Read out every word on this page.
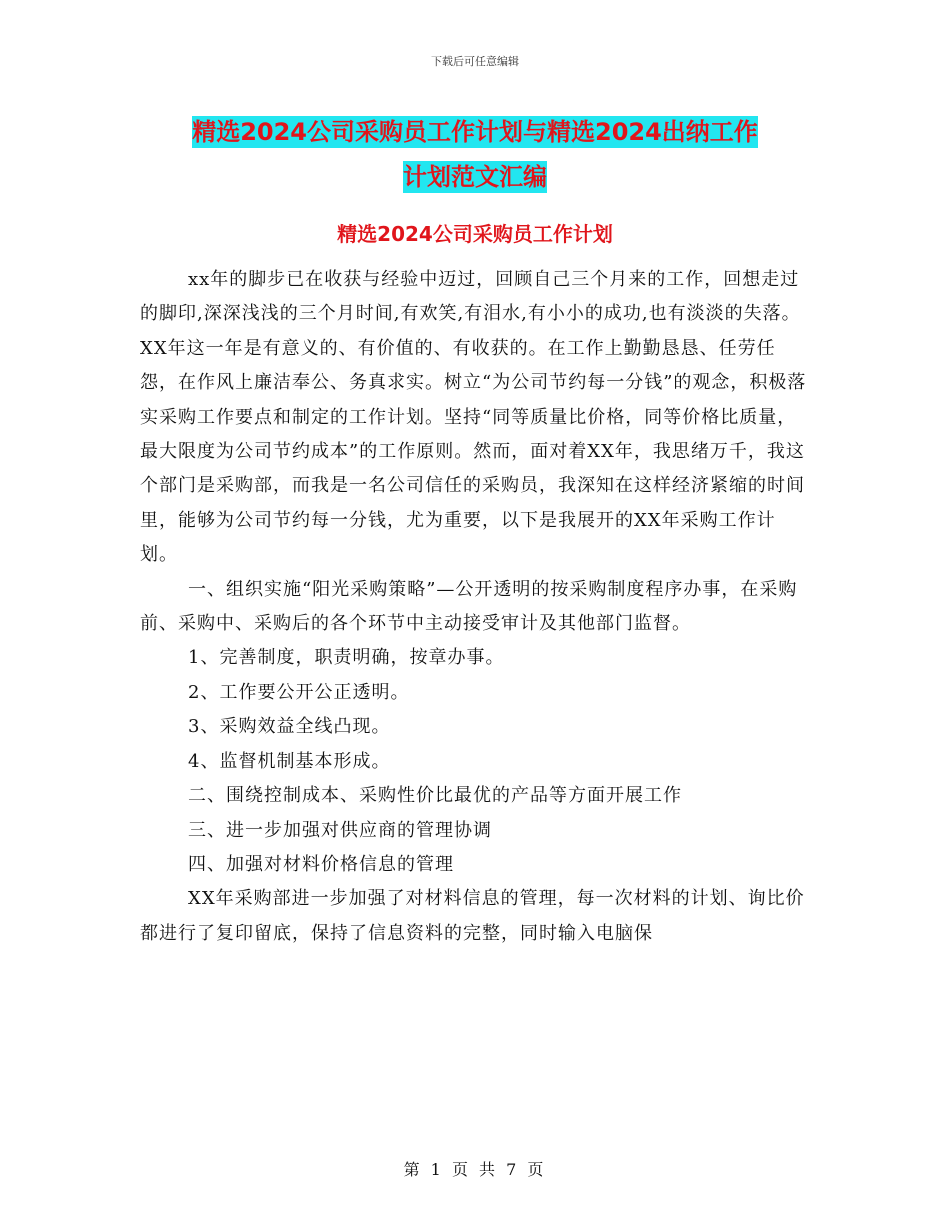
下载后可任意编辑
精选2024公司采购员工作计划与精选2024出纳工作
计划范文汇编
精选2024公司采购员工作计划

xx年的脚步已在收获与经验中迈过，回顾自己三个月来的工作，回想走过的脚印,深深浅浅的三个月时间,有欢笑,有泪水,有小小的成功,也有淡淡的失落。XX年这一年是有意义的、有价值的、有收获的。在工作上勤勤恳恳、任劳任怨，在作风上廉洁奉公、务真求实。树立“为公司节约每一分钱”的观念，积极落实采购工作要点和制定的工作计划。坚持“同等质量比价格，同等价格比质量，最大限度为公司节约成本”的工作原则。然而，面对着XX年，我思绪万千，我这个部门是采购部，而我是一名公司信任的采购员，我深知在这样经济紧缩的时间里，能够为公司节约每一分钱，尤为重要，以下是我展开的XX年采购工作计划。

一、组织实施“阳光采购策略”—公开透明的按采购制度程序办事，在采购前、采购中、采购后的各个环节中主动接受审计及其他部门监督。

1、完善制度，职责明确，按章办事。

2、工作要公开公正透明。

3、采购效益全线凸现。

4、监督机制基本形成。

二、围绕控制成本、采购性价比最优的产品等方面开展工作

三、进一步加强对供应商的管理协调

四、加强对材料价格信息的管理

XX年采购部进一步加强了对材料信息的管理，每一次材料的计划、询比价都进行了复印留底，保持了信息资料的完整，同时输入电脑保

第 1 页 共 7 页
